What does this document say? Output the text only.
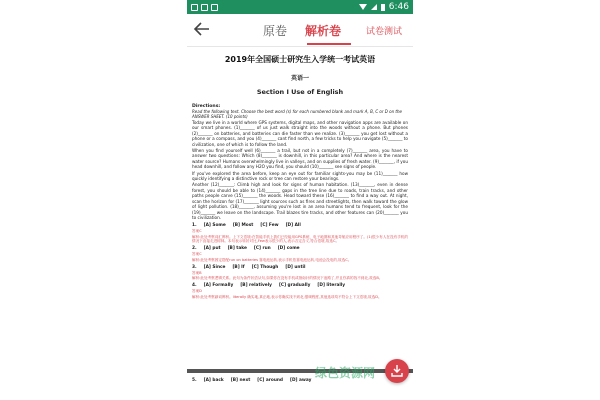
6:46
原卷 解析卷	试卷测试
2019年全国硕士研究生入学统一考试英语
英语一
Section I Use of English
Directions:
Read the following text. Choose the best word (s) for each numbered blank and mark A, B, C or D on the ANSWER SHEET. (10 points)
Today we live in a world where GPS systems, digital maps, and other navigation apps are available on our smart phones. (1)_______ of us just walk straight into the woods without a phone. But phones (2)_______ on batteries, and batteries can die faster than we realize. (3)_______ you get lost without a phone or a compass, and you (4)_______ cant find north, a few tricks to help you navigate (5)_______ to civilization, one of which is to follow the land.
When you find yourself well (6)_______ a trail, but not in a completely (7)_______ area, you have to answer two questions: Which (8)_______ is downhill, in this particular area? And where is the nearest water source? Humans overwhelmingly live in valleys, and on supplies of fresh water. (9)_______, if you head downhill, and follow any H2O you find, you should (10)_______ see signs of people.
If you've explored the area before, keep an eye out for familiar sights-you may be (11)_______ how quickly identifying a distinctive rock or tree can restore your bearings.
Another (12)_______: Climb high and look for signs of human habitation. (13)_______, even in dense forest, you should be able to (14)_______ gaps in the tree line due to roads, train tracks, and other paths people carve (15)_______ the woods. Head toward these (16)_______ to find a way out. At night, scan the horizon for (17)_______ light sources such as fires and streetlights, then walk toward the glow of light pollution. (18)_______, assuming you're lost in an area humans tend to frequent, look for the (19)_______ we leave on the landscape. Trail blazes tire tracks, and other features can (20)_______ you to civilization.
1. [A] Some [B] Most [C] Few [D] All
答案C
解析:此处考察词汇辨析。上下文语境:在智能手机上我们已经能用GPS系统、电子地图和其他导航应用程序了。(1)很少有人在没有手机的情况下直接走进树林。本句表示转折对比,Few表示很少的人,表示否定含义,符合语境,故选C。
2. [A] put [B] take [C] run [D] come
答案C
解析:此处考察固定搭配run on batteries 靠电池运转,表示手机依靠电池运转,电池会没电的,故选C。
3. [A] Since [B] If [C] Though [D] until
答案B
解析:此处考察逻辑关系。此句为条件状语从句,如果你在没有手机或指南针的情况下迷路了,并且你真的找不到北,故选B。
4. [A] Formally [B] relatively [C] gradually [D] literally
答案D
解析:此处考察副词辨析。literally 确实地,真正地,表示你确实找不到北,强调程度,其他选项均不符合上下文语境,故选D。
5. [A] back [B] next [C] around [D] away
绿色资源网
